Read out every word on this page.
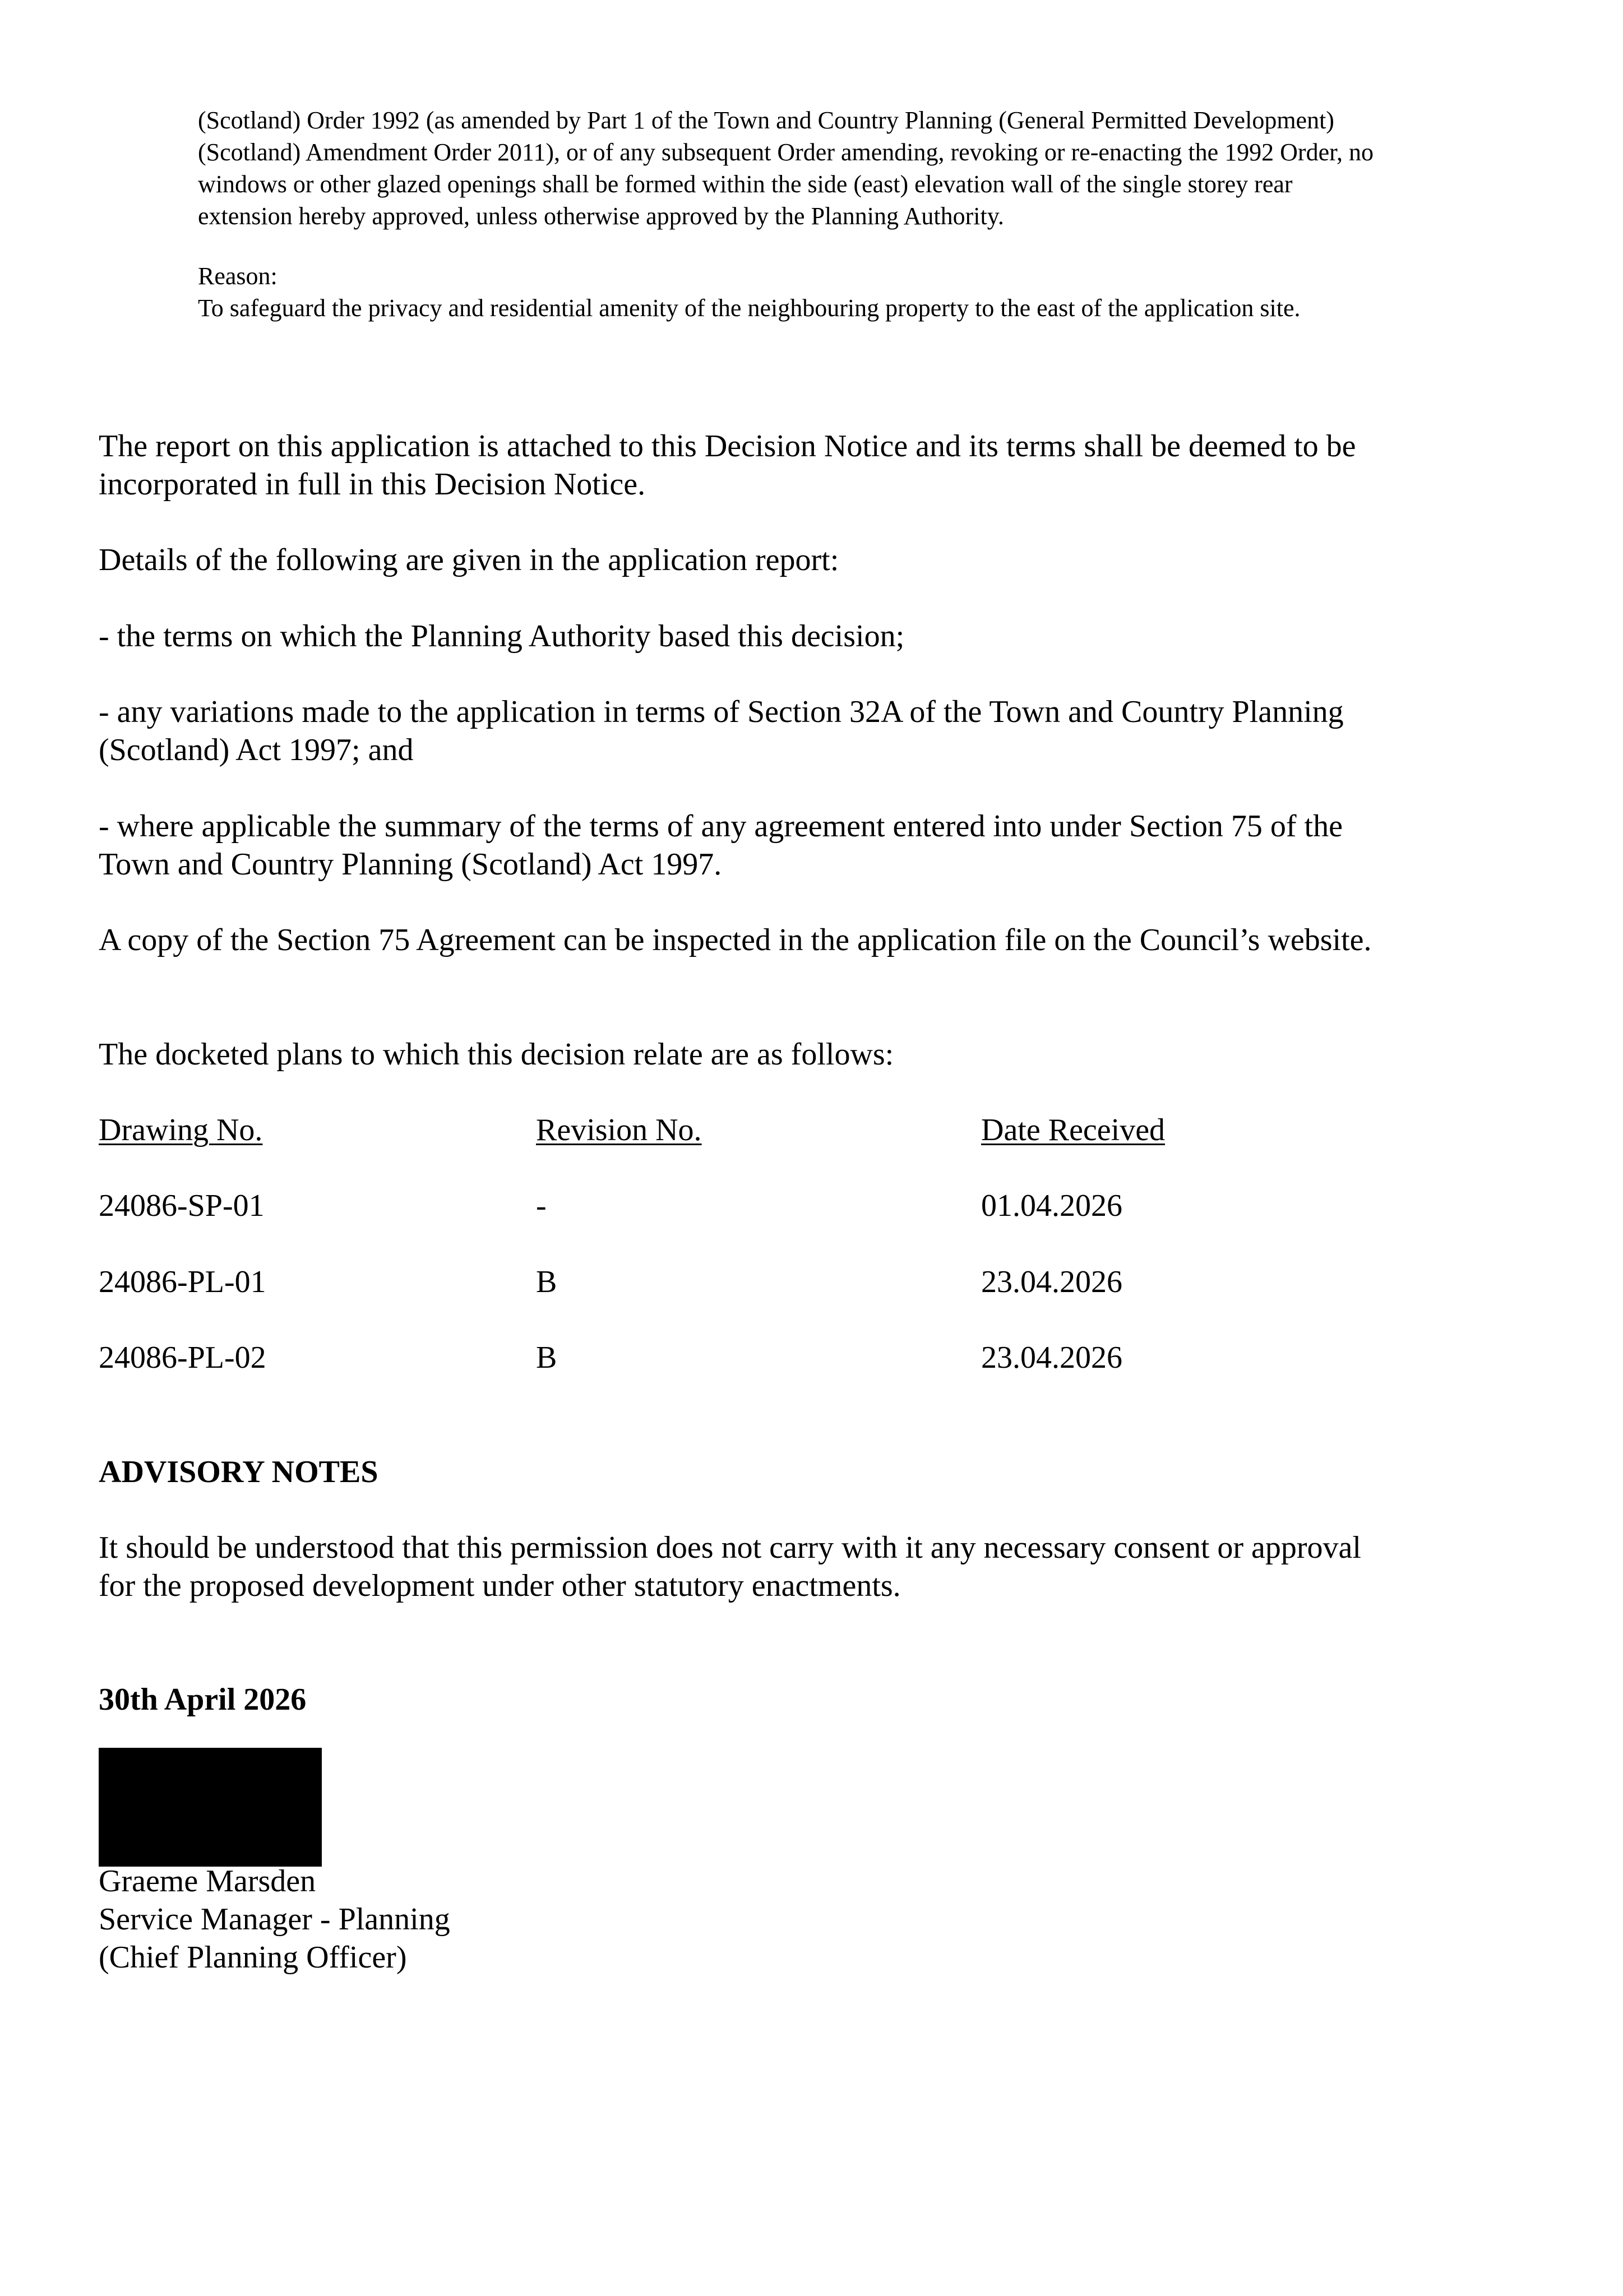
(Scotland) Order 1992 (as amended by Part 1 of the Town and Country Planning (General Permitted Development) (Scotland) Amendment Order 2011), or of any subsequent Order amending, revoking or re-enacting the 1992 Order, no windows or other glazed openings shall be formed within the side (east) elevation wall of the single storey rear extension hereby approved, unless otherwise approved by the Planning Authority.

Reason:

To safeguard the privacy and residential amenity of the neighbouring property to the east of the application site.

The report on this application is attached to this Decision Notice and its terms shall be deemed to be incorporated in full in this Decision Notice.

Details of the following are given in the application report:

- the terms on which the Planning Authority based this decision;

- any variations made to the application in terms of Section 32A of the Town and Country Planning (Scotland) Act 1997; and

- where applicable the summary of the terms of any agreement entered into under Section 75 of the Town and Country Planning (Scotland) Act 1997.

A copy of the Section 75 Agreement can be inspected in the application file on the Council’s website.

The docketed plans to which this decision relate are as follows:

Drawing No.	Revision No.	Date Received
24086-SP-01	-	01.04.2026
24086-PL-01	B	23.04.2026
24086-PL-02	B	23.04.2026

ADVISORY NOTES

It should be understood that this permission does not carry with it any necessary consent or approval for the proposed development under other statutory enactments.

30th April 2026

Graeme Marsden
Service Manager - Planning
(Chief Planning Officer)
